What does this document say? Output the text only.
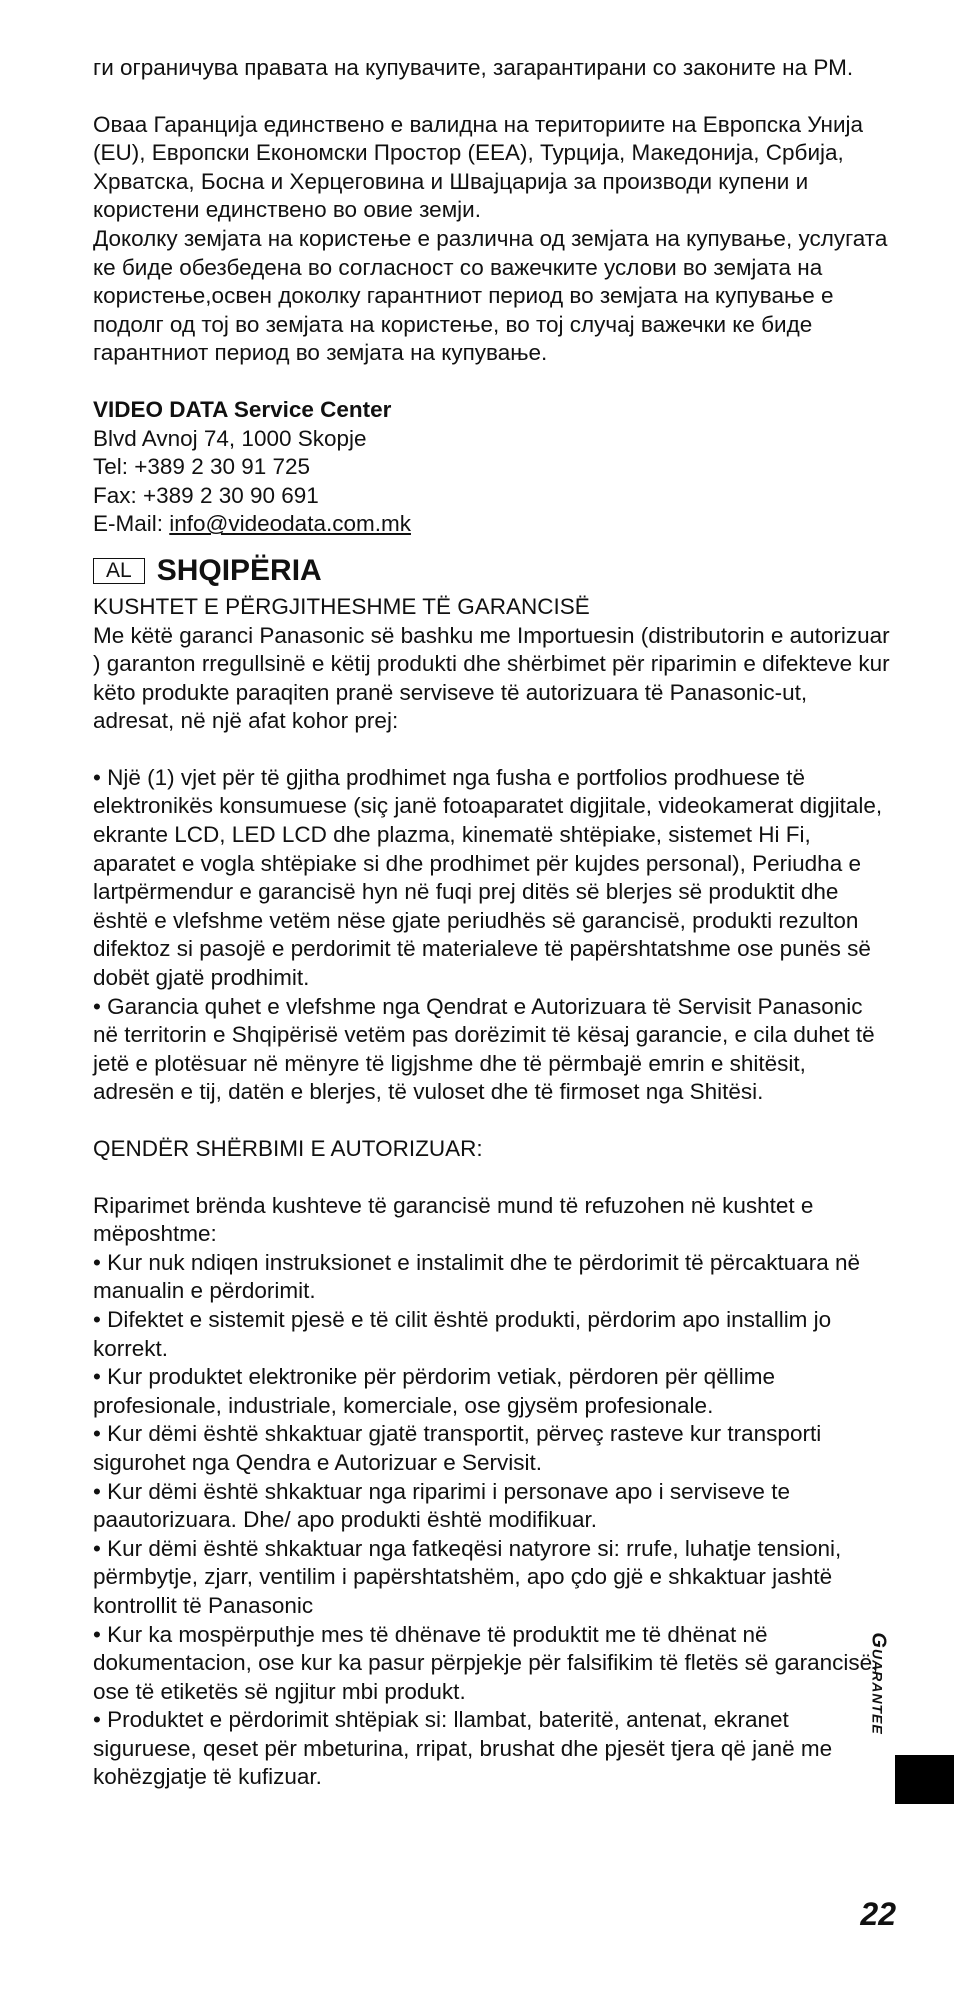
ги ограничува правата на купувачите, загарантирани со законите на РМ.

Оваа Гаранција единствено е валидна на териториите на Европска Унија (EU), Европски Економски Простор (EEA), Турција, Македонија, Србија, Хрватска, Босна и Херцеговина и Швајцарија за производи купени и користени единствено во овие земји.

Доколку земјата на користење е различна од земјата на купување, услугата ке биде обезбедена во согласност со важечките услови во земјата на користење,освен доколку гарантниот период во земјата на купување е подолг од тој во земјата на користење, во тој случај важечки ке биде гарантниот период во земјата на купување.

VIDEO DATA Service Center

Blvd Avnoj 74, 1000 Skopje

Tel: +389 2 30 91 725

Fax: +389 2 30 90 691

E-Mail: info@videodata.com.mk

AL SHQIPËRIA

KUSHTET E PËRGJITHESHME TË GARANCISË

Me këtë garanci Panasonic së bashku me Importuesin (distributorin e autorizuar ) garanton rregullsinë e këtij produkti dhe shërbimet për riparimin e difekteve kur këto produkte paraqiten pranë serviseve të autorizuara të Panasonic-ut, adresat, në një afat kohor prej:

• Një (1) vjet për të gjitha prodhimet nga fusha e portfolios prodhuese të elektronikës konsumuese (siç janë fotoaparatet digjitale, videokamerat digjitale, ekrante LCD, LED LCD dhe plazma, kinematë shtëpiake, sistemet Hi Fi, aparatet e vogla shtëpiake si dhe prodhimet për kujdes personal), Periudha e lartpërmendur e garancisë hyn në fuqi prej ditës së blerjes së produktit dhe është e vlefshme vetëm nëse gjate periudhës së garancisë, produkti rezulton difektoz si pasojë e perdorimit të materialeve të papërshtatshme ose punës së dobët gjatë prodhimit.

• Garancia quhet e vlefshme nga Qendrat e Autorizuara të Servisit Panasonic në territorin e Shqipërisë vetëm pas dorëzimit të kësaj garancie, e cila duhet të jetë e plotësuar në mënyre të ligjshme dhe të përmbajë emrin e shitësit, adresën e tij, datën e blerjes, të vuloset dhe të firmoset nga Shitësi.

QENDËR SHËRBIMI E AUTORIZUAR:

Riparimet brënda kushteve të garancisë mund të refuzohen në kushtet e mëposhtme:

• Kur nuk ndiqen instruksionet e instalimit dhe te përdorimit të përcaktuara në manualin e përdorimit.

• Difektet e sistemit pjesë e të cilit është produkti, përdorim apo installim jo korrekt.

• Kur produktet elektronike për përdorim vetiak, përdoren për qëllime profesionale, industriale, komerciale, ose gjysëm profesionale.

• Kur dëmi është shkaktuar gjatë transportit, përveç rasteve kur transporti sigurohet nga Qendra e Autorizuar e Servisit.

• Kur dëmi është shkaktuar nga riparimi i personave apo i serviseve te paautorizuara. Dhe/ apo produkti është modifikuar.

• Kur dëmi është shkaktuar nga fatkeqësi natyrore si: rrufe, luhatje tensioni, përmbytje, zjarr, ventilim i papërshtatshëm, apo çdo gjë e shkaktuar jashtë kontrollit të Panasonic

• Kur ka mospërputhje mes të dhënave të produktit me të dhënat në dokumentacion, ose kur ka pasur përpjekje për falsifikim të fletës së garancisë, ose të etiketës së ngjitur mbi produkt.

• Produktet e përdorimit shtëpiak si: llambat, bateritë, antenat, ekranet siguruese, qeset për mbeturina, rripat, brushat dhe pjesët tjera që janë me kohëzgjatje të kufizuar.

Guarantee
22
